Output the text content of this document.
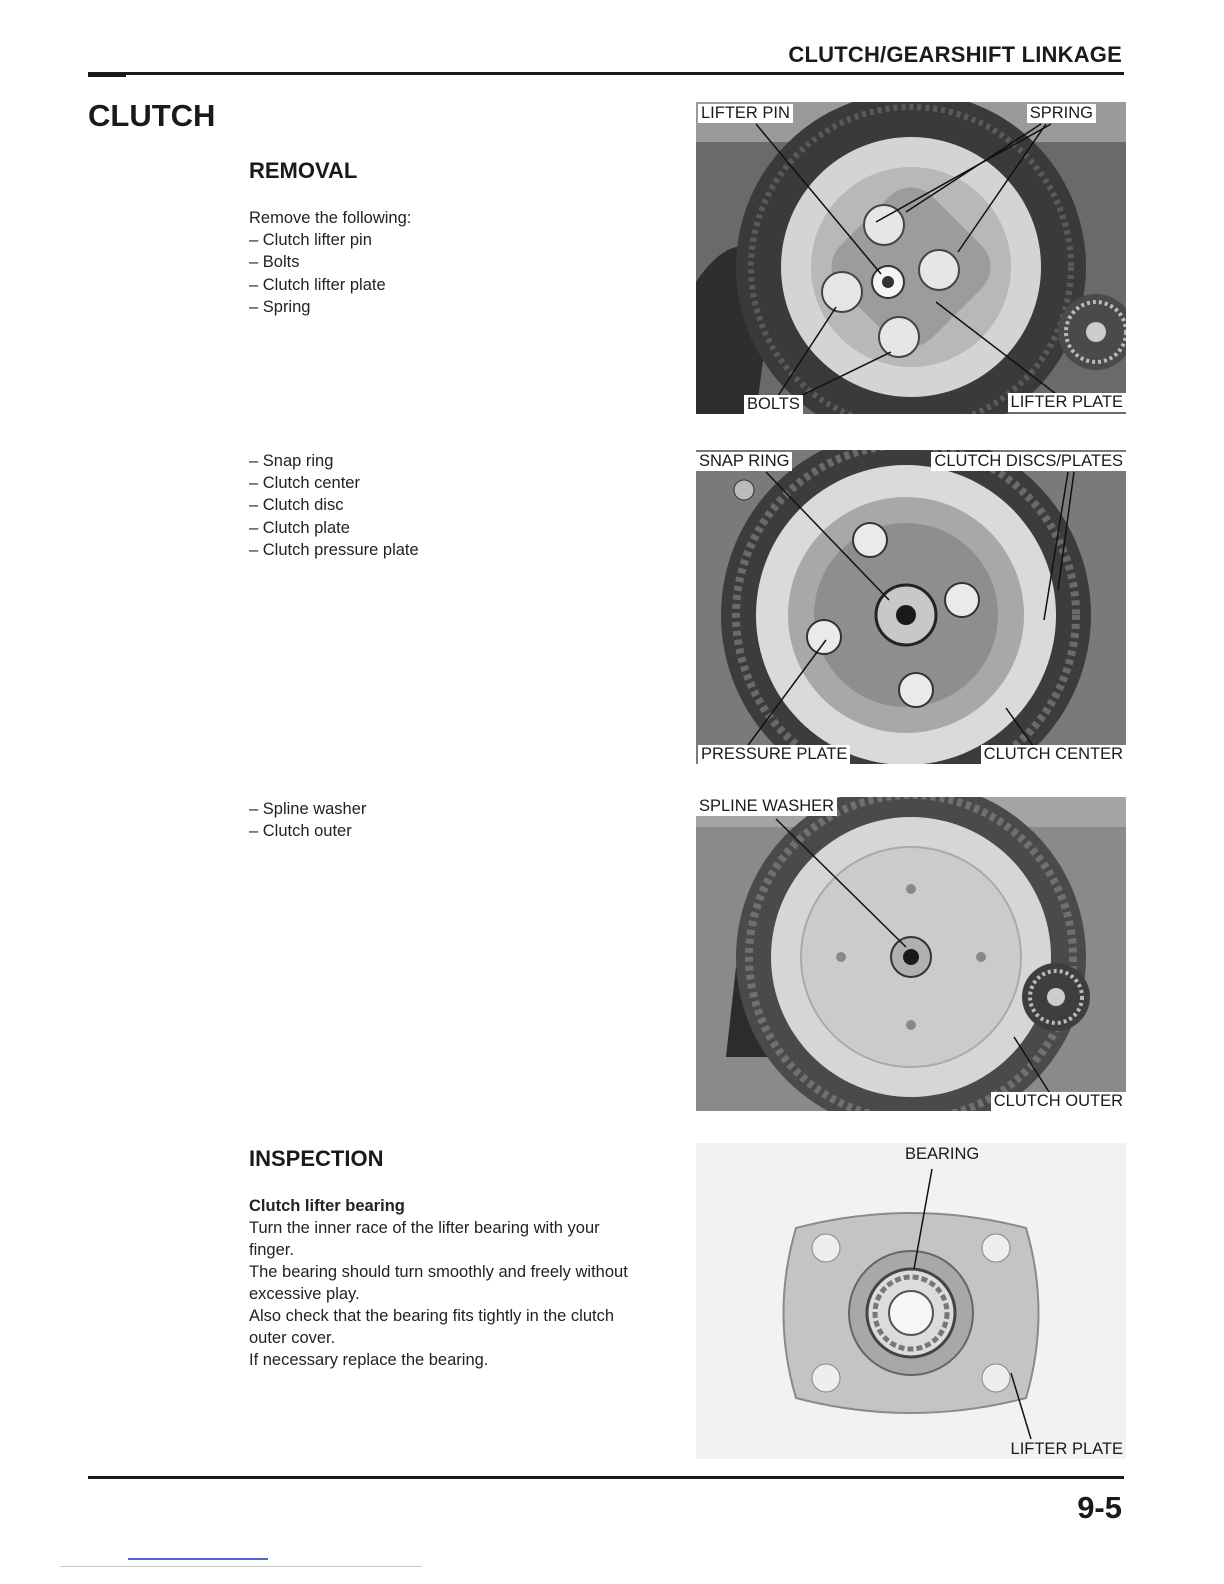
CLUTCH/GEARSHIFT LINKAGE
CLUTCH
REMOVAL
Remove the following:
– Clutch lifter pin
– Bolts
– Clutch lifter plate
– Spring
– Snap ring
– Clutch center
– Clutch disc
– Clutch plate
– Clutch pressure plate
– Spline washer
– Clutch outer
INSPECTION
Clutch lifter bearing
Turn the inner race of the lifter bearing with your
finger.
The bearing should turn smoothly and freely without
excessive play.
Also check that the bearing fits tightly in the clutch
outer cover.
If necessary replace the bearing.
LIFTER PIN	SPRING
BOLTS	LIFTER PLATE
SNAP RING	CLUTCH DISCS/PLATES
PRESSURE PLATE	CLUTCH CENTER
SPLINE WASHER
CLUTCH OUTER
BEARING
LIFTER PLATE
9-5
